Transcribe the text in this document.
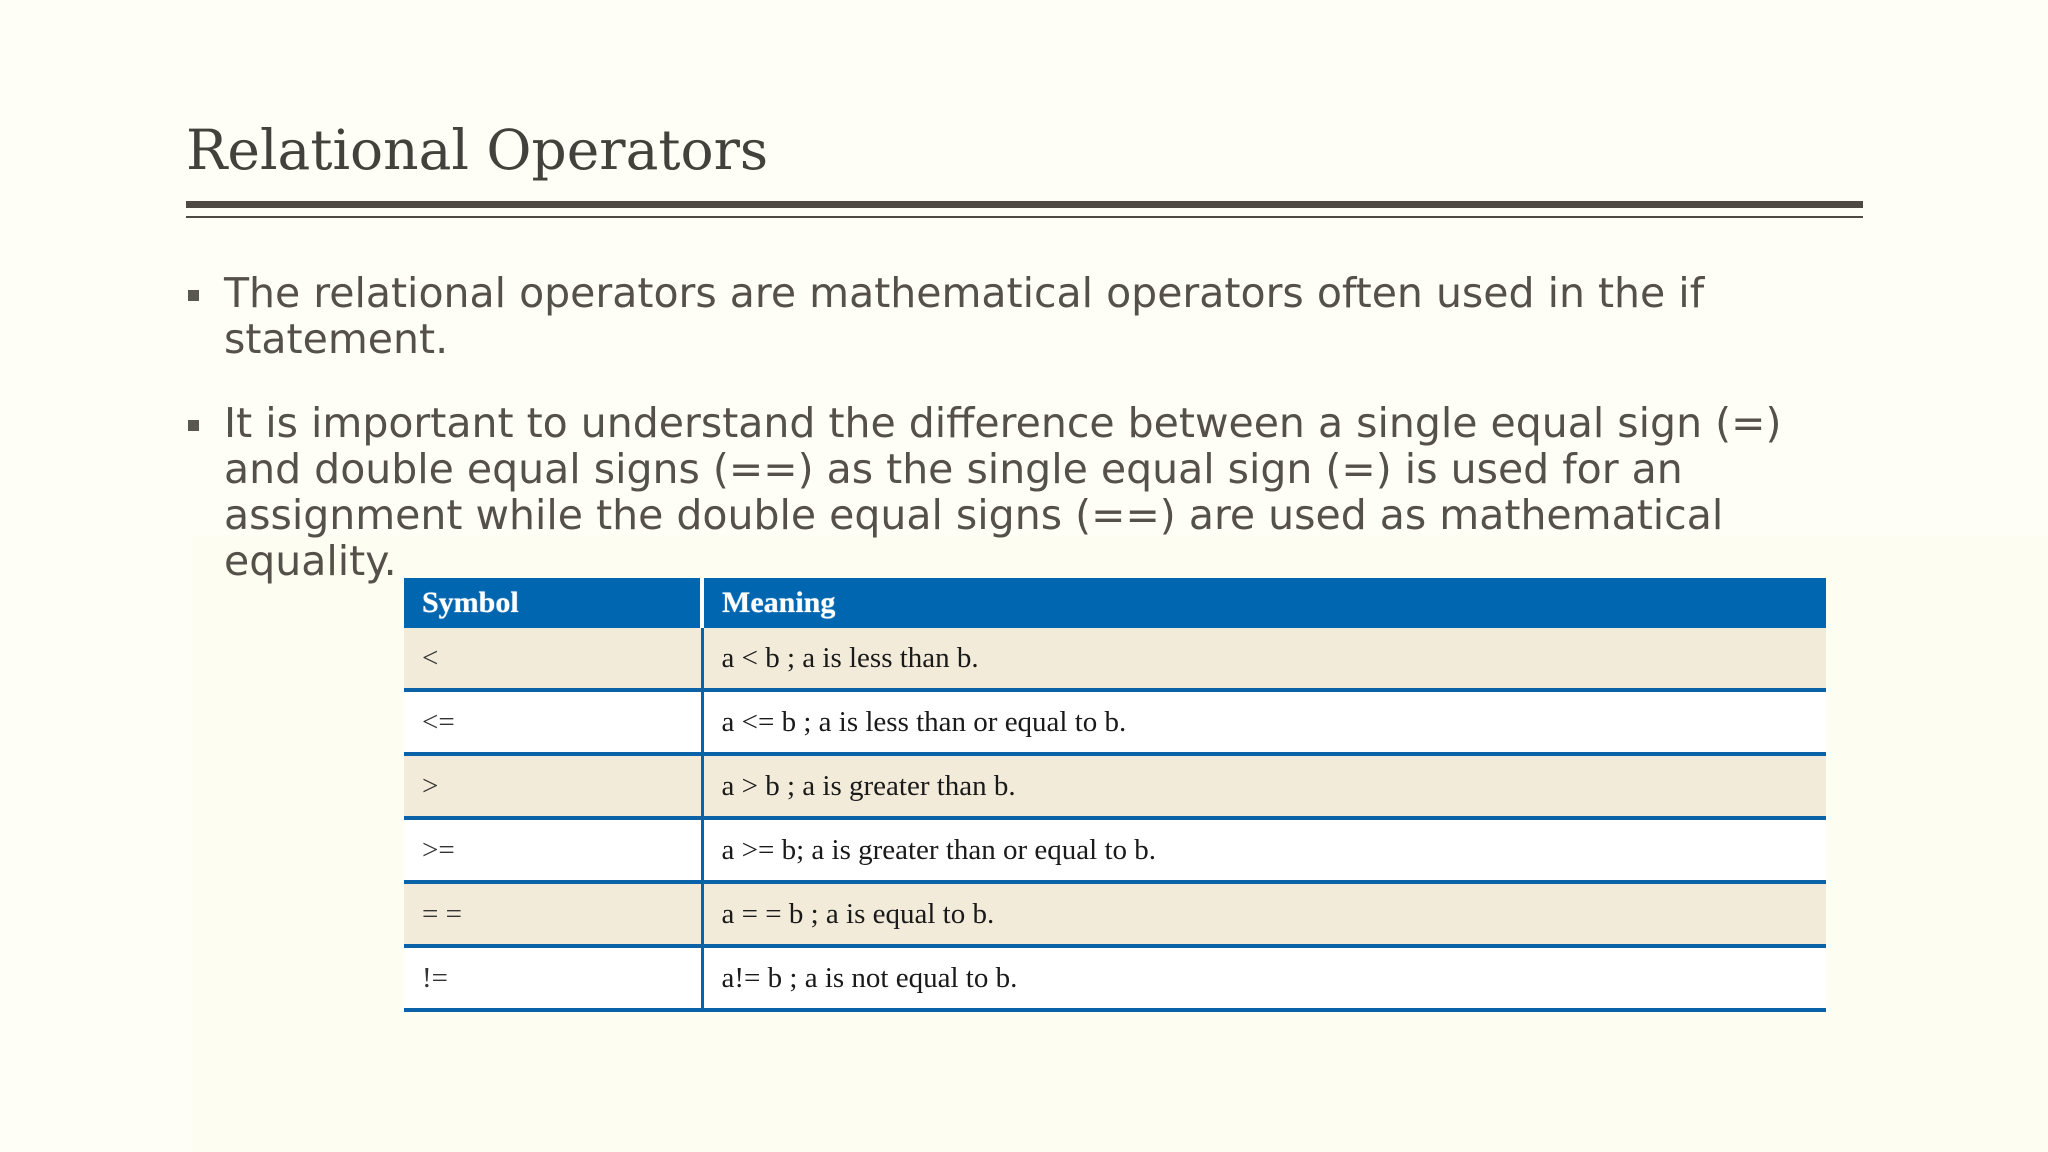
Relational Operators
The relational operators are mathematical operators often used in the if statement.
It is important to understand the difference between a single equal sign (=) and double equal signs (==) as the single equal sign (=) is used for an assignment while the double equal signs (==) are used as mathematical equality.
Symbol	Meaning
<	a < b ; a is less than b.
<=	a <= b ; a is less than or equal to b.
>	a > b ; a is greater than b.
>=	a >= b; a is greater than or equal to b.
= =	a = = b ; a is equal to b.
!=	a!= b ; a is not equal to b.
